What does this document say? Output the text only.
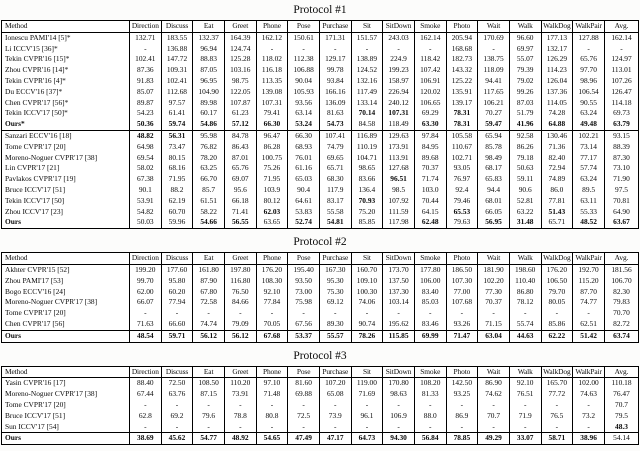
Protocol #1
Method	Direction	Discuss	Eat	Greet	Phone	Pose	Purchase	Sit	SitDown	Smoke	Photo	Wait	Walk	WalkDog	WalkPair	Avg.
Ionescu PAMI'14 [5]*	132.71	183.55	132.37	164.39	162.12	150.61	171.31	151.57	243.03	162.14	205.94	170.69	96.60	177.13	127.88	162.14
Li ICCV'15 [36]*	-	136.88	96.94	124.74	-	-	-	-	-	-	168.68	-	69.97	132.17	-	-
Tekin CVPR'16 [15]*	102.41	147.72	88.83	125.28	118.02	112.38	129.17	138.89	224.9	118.42	182.73	138.75	55.07	126.29	65.76	124.97
Zhou CVPR'16 [14]*	87.36	109.31	87.05	103.16	116.18	106.88	99.78	124.52	199.23	107.42	143.32	118.09	79.39	114.23	97.70	113.01
Tekin CVPR'16 [4]*	91.83	102.41	96.95	98.75	113.35	90.04	93.84	132.16	158.97	106.91	125.22	94.41	79.02	126.04	98.96	107.26
Du ECCV'16 [37]*	85.07	112.68	104.90	122.05	139.08	105.93	166.16	117.49	226.94	120.02	135.91	117.65	99.26	137.36	106.54	126.47
Chen CVPR'17 [56]*	89.87	97.57	89.98	107.87	107.31	93.56	136.09	133.14	240.12	106.65	139.17	106.21	87.03	114.05	90.55	114.18
Tekin ICCV'17 [50]*	54.23	61.41	60.17	61.23	79.41	63.14	81.63	70.14	107.31	69.29	78.31	70.27	51.79	74.28	63.24	69.73
Ours*	50.36	59.74	54.86	57.12	66.30	53.24	54.73	84.58	118.49	63.30	78.31	59.47	41.96	64.88	49.48	63.79
Sanzari ECCV'16 [18]	48.82	56.31	95.98	84.78	96.47	66.30	107.41	116.89	129.63	97.84	105.58	65.94	92.58	130.46	102.21	93.15
Tome CVPR'17 [20]	64.98	73.47	76.82	86.43	86.28	68.93	74.79	110.19	173.91	84.95	110.67	85.78	86.26	71.36	73.14	88.39
Moreno-Noguer CVPR'17 [38]	69.54	80.15	78.20	87.01	100.75	76.01	69.65	104.71	113.91	89.68	102.71	98.49	79.18	82.40	77.17	87.30
Lin CVPR'17 [21]	58.02	68.16	63.25	65.76	75.26	61.16	65.71	98.65	127.68	70.37	93.05	68.17	50.63	72.94	57.74	73.10
Pavlakos CVPR'17 [19]	67.38	71.95	66.70	69.07	71.95	65.03	68.30	83.66	96.51	71.74	76.97	65.83	59.11	74.89	63.24	71.90
Bruce ICCV'17 [51]	90.1	88.2	85.7	95.6	103.9	90.4	117.9	136.4	98.5	103.0	92.4	94.4	90.6	86.0	89.5	97.5
Tekin ICCV'17 [50]	53.91	62.19	61.51	66.18	80.12	64.61	83.17	70.93	107.92	70.44	79.46	68.01	52.81	77.81	63.11	70.81
Zhou ICCV'17 [23]	54.82	60.70	58.22	71.41	62.03	53.83	55.58	75.20	111.59	64.15	65.53	66.05	63.22	51.43	55.33	64.90
Ours	50.03	59.96	54.66	56.55	63.65	52.74	54.81	85.85	117.98	62.48	79.63	56.95	31.48	65.71	48.52	63.67
Protocol #2
Method	Direction	Discuss	Eat	Greet	Phone	Pose	Purchase	Sit	SitDown	Smoke	Photo	Wait	Walk	WalkDog	WalkPair	Avg.
Akhter CVPR'15 [52]	199.20	177.60	161.80	197.80	176.20	195.40	167.30	160.70	173.70	177.80	186.50	181.90	198.60	176.20	192.70	181.56
Zhou PAMI'17 [53]	99.70	95.80	87.90	116.80	108.30	93.50	95.30	109.10	137.50	106.00	107.30	102.20	110.40	106.50	115.20	106.70
Bogo ECCV'16 [24]	62.00	60.20	67.80	76.50	92.10	73.00	75.30	100.30	137.30	83.40	77.00	77.30	86.80	79.70	87.70	82.30
Moreno-Noguer CVPR'17 [38]	66.07	77.94	72.58	84.66	77.84	75.98	69.12	74.06	103.14	85.03	107.68	70.37	78.12	80.05	74.77	79.83
Tome CVPR'17 [20]	-	-	-	-	-	-	-	-	-	-	-	-	-	-	-	70.70
Chen CVPR'17 [56]	71.63	66.60	74.74	79.09	70.05	67.56	89.30	90.74	195.62	83.46	93.26	71.15	55.74	85.86	62.51	82.72
Ours	48.54	59.71	56.12	56.12	67.68	53.37	55.57	78.26	115.85	69.99	71.47	63.04	44.63	62.22	51.42	63.74
Protocol #3
Method	Direction	Discuss	Eat	Greet	Phone	Pose	Purchase	Sit	SitDown	Smoke	Photo	Wait	Walk	WalkDog	WalkPair	Avg.
Yasin CVPR'16 [17]	88.40	72.50	108.50	110.20	97.10	81.60	107.20	119.00	170.80	108.20	142.50	86.90	92.10	165.70	102.00	110.18
Moreno-Noguer CVPR'17 [38]	67.44	63.76	87.15	73.91	71.48	69.88	65.08	71.69	98.63	81.33	93.25	74.62	76.51	77.72	74.63	76.47
Tome CVPR'17 [20]	-	-	-	-	-	-	-	-	-	-	-	-	-	-	-	70.7
Bruce ICCV'17 [51]	62.8	69.2	79.6	78.8	80.8	72.5	73.9	96.1	106.9	88.0	86.9	70.7	71.9	76.5	73.2	79.5
Sun ICCV'17 [54]	-	-	-	-	-	-	-	-	-	-	-	-	-	-	-	48.3
Ours	38.69	45.62	54.77	48.92	54.65	47.49	47.17	64.73	94.30	56.84	78.85	49.29	33.07	58.71	38.96	54.14
